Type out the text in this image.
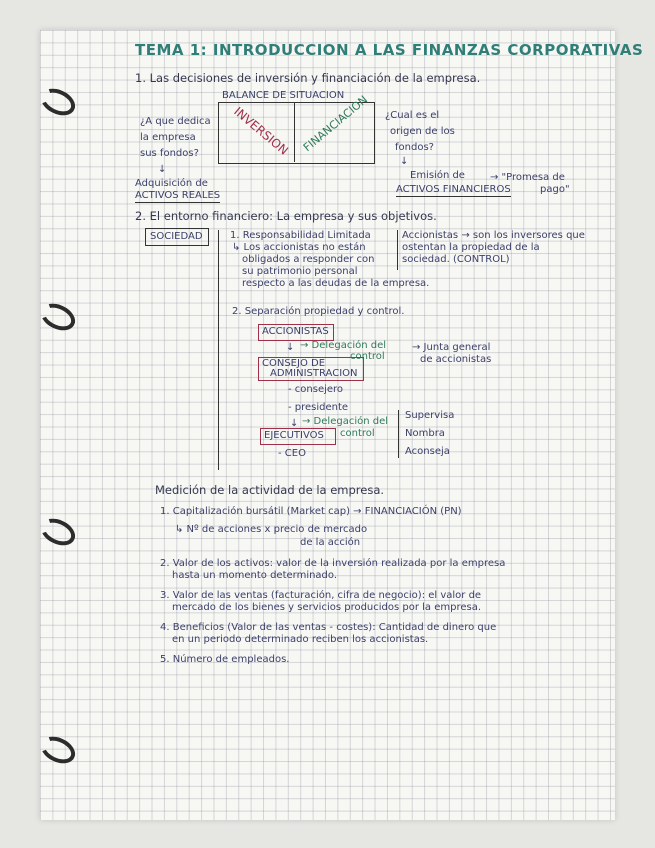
TEMA 1: INTRODUCCION A LAS FINANZAS CORPORATIVAS
1. Las decisiones de inversión y financiación de la empresa.
BALANCE DE SITUACION
INVERSION FINANCIACION
¿A que dedica
la empresa
sus fondos?
↓
Adquisición de
ACTIVOS REALES
¿Cual es el
origen de los
fondos?
↓
Emisión de
ACTIVOS FINANCIEROS
→ "Promesa de
pago"
2. El entorno financiero: La empresa y sus objetivos.
SOCIEDAD	1. Responsabilidad Limitada
↳ Los accionistas no están
obligados a responder con
su patrimonio personal
respecto a las deudas de la empresa.
Accionistas → son los inversores que
ostentan la propiedad de la
sociedad. (CONTROL)
2. Separación propiedad y control.
ACCIONISTAS
↓ → Delegación del
control
→ Junta general
de accionistas
CONSEJO DE
ADMINISTRACION
- consejero
- presidente
↓ → Delegación del
control
EJECUTIVOS
- CEO
Supervisa
Nombra
Aconseja
Medición de la actividad de la empresa.
1. Capitalización bursátil (Market cap) → FINANCIACIÓN (PN)
↳ Nº de acciones x precio de mercado
de la acción
2. Valor de los activos: valor de la inversión realizada por la empresa
hasta un momento determinado.
3. Valor de las ventas (facturación, cifra de negocio): el valor de
mercado de los bienes y servicios producidos por la empresa.
4. Beneficios (Valor de las ventas - costes): Cantidad de dinero que
en un periodo determinado reciben los accionistas.
5. Número de empleados.
